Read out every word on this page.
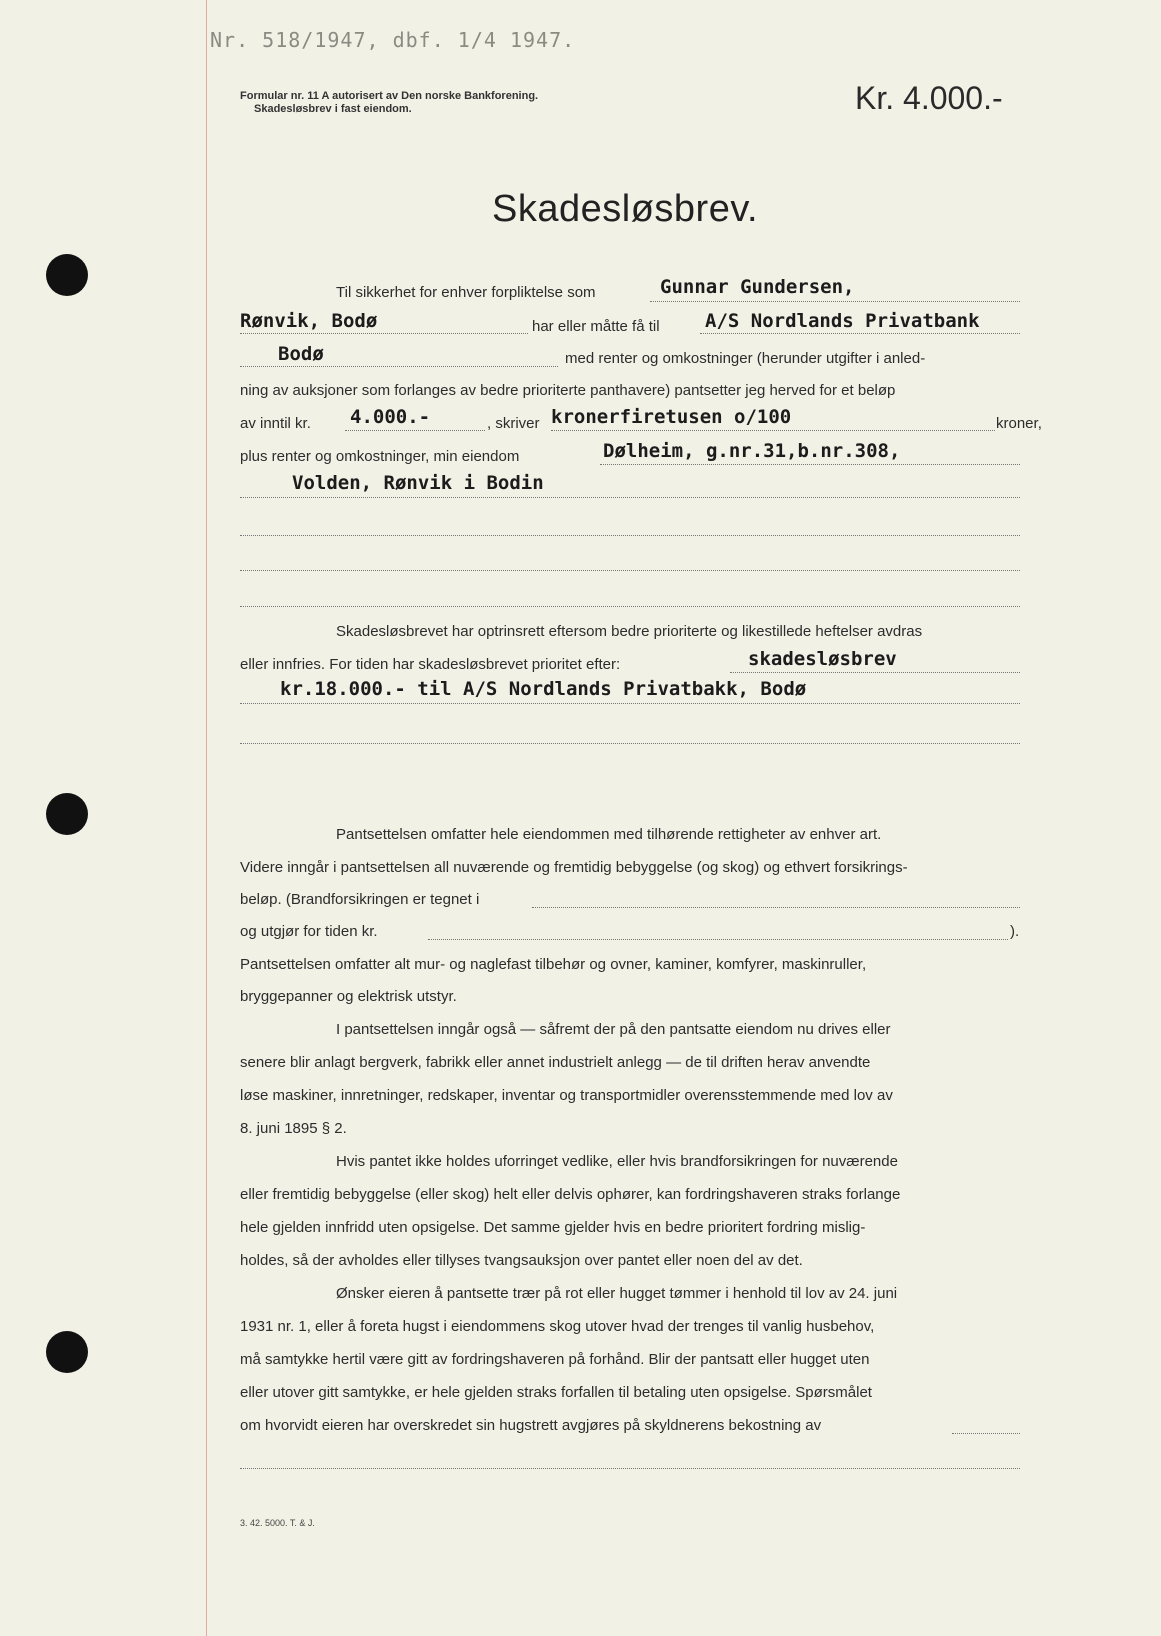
Nr. 518/1947, dbf. 1/4 1947.
Formular nr. 11 A autorisert av Den norske Bankforening.
Skadesløsbrev i fast eiendom.	Kr. 4.000.-
Skadesløsbrev.
Til sikkerhet for enhver forpliktelse som	Gunnar Gundersen,
Rønvik, Bodø	har eller måtte få til A/S Nordlands Privatbank
Bodø	med renter og omkostninger (herunder utgifter i anled-
ning av auksjoner som forlanges av bedre prioriterte panthavere) pantsetter jeg herved for et beløp
av inntil kr. 4.000.-	, skriver kronerfiretusen o/100	kroner,
plus renter og omkostninger, min eiendom	Dølheim, g.nr.31,b.nr.308,
Volden, Rønvik i Bodin
Skadesløsbrevet har optrinsrett eftersom bedre prioriterte og likestillede heftelser avdras
eller innfries. For tiden har skadesløsbrevet prioritet efter:	skadesløsbrev
kr.18.000.- til A/S Nordlands Privatbakk, Bodø
Pantsettelsen omfatter hele eiendommen med tilhørende rettigheter av enhver art.
Videre inngår i pantsettelsen all nuværende og fremtidig bebyggelse (og skog) og ethvert forsikrings-
beløp. (Brandforsikringen er tegnet i
og utgjør for tiden kr.	).
Pantsettelsen omfatter alt mur- og naglefast tilbehør og ovner, kaminer, komfyrer, maskinruller,
bryggepanner og elektrisk utstyr.
I pantsettelsen inngår også — såfremt der på den pantsatte eiendom nu drives eller
senere blir anlagt bergverk, fabrikk eller annet industrielt anlegg — de til driften herav anvendte
løse maskiner, innretninger, redskaper, inventar og transportmidler overensstemmende med lov av
8. juni 1895 § 2.
Hvis pantet ikke holdes uforringet vedlike, eller hvis brandforsikringen for nuværende
eller fremtidig bebyggelse (eller skog) helt eller delvis ophører, kan fordringshaveren straks forlange
hele gjelden innfridd uten opsigelse. Det samme gjelder hvis en bedre prioritert fordring mislig-
holdes, så der avholdes eller tillyses tvangsauksjon over pantet eller noen del av det.
Ønsker eieren å pantsette trær på rot eller hugget tømmer i henhold til lov av 24. juni
1931 nr. 1, eller å foreta hugst i eiendommens skog utover hvad der trenges til vanlig husbehov,
må samtykke hertil være gitt av fordringshaveren på forhånd. Blir der pantsatt eller hugget uten
eller utover gitt samtykke, er hele gjelden straks forfallen til betaling uten opsigelse. Spørsmålet
om hvorvidt eieren har overskredet sin hugstrett avgjøres på skyldnerens bekostning av
3. 42. 5000. T. & J.
